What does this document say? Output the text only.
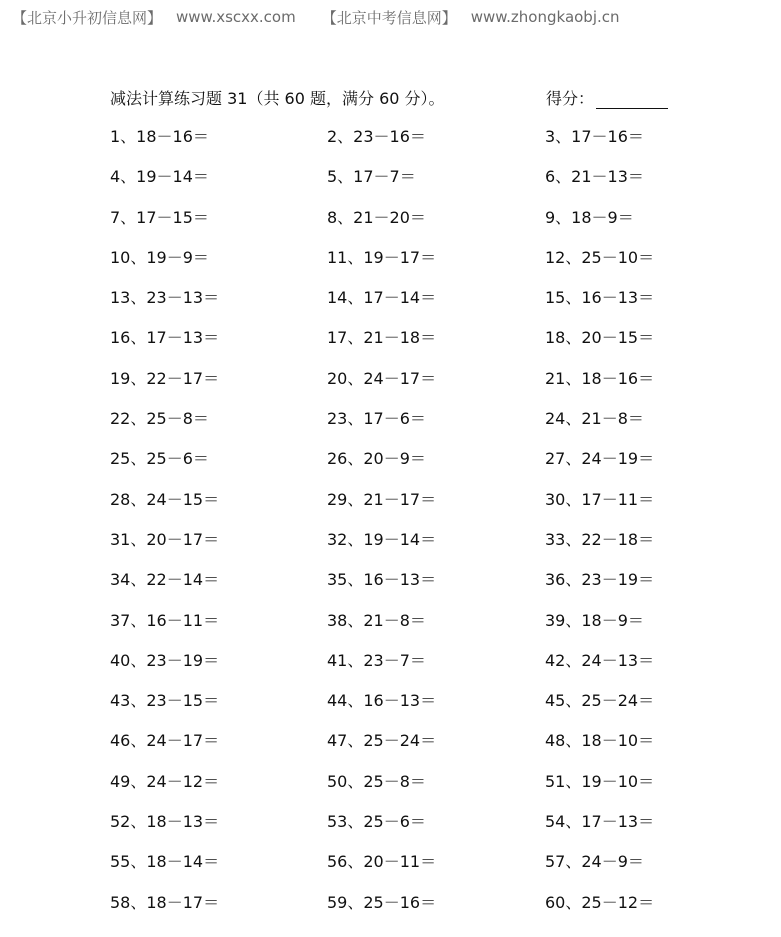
【北京小升初信息网】 www.xscxx.com 【北京中考信息网】 www.zhongkaobj.cn
减法计算练习题 31（共 60 题，满分 60 分）。	得分：
1、18－16＝	2、23－16＝	3、17－16＝
4、19－14＝	5、17－7＝	6、21－13＝
7、17－15＝	8、21－20＝	9、18－9＝
10、19－9＝	11、19－17＝	12、25－10＝
13、23－13＝	14、17－14＝	15、16－13＝
16、17－13＝	17、21－18＝	18、20－15＝
19、22－17＝	20、24－17＝	21、18－16＝
22、25－8＝	23、17－6＝	24、21－8＝
25、25－6＝	26、20－9＝	27、24－19＝
28、24－15＝	29、21－17＝	30、17－11＝
31、20－17＝	32、19－14＝	33、22－18＝
34、22－14＝	35、16－13＝	36、23－19＝
37、16－11＝	38、21－8＝	39、18－9＝
40、23－19＝	41、23－7＝	42、24－13＝
43、23－15＝	44、16－13＝	45、25－24＝
46、24－17＝	47、25－24＝	48、18－10＝
49、24－12＝	50、25－8＝	51、19－10＝
52、18－13＝	53、25－6＝	54、17－13＝
55、18－14＝	56、20－11＝	57、24－9＝
58、18－17＝	59、25－16＝	60、25－12＝
